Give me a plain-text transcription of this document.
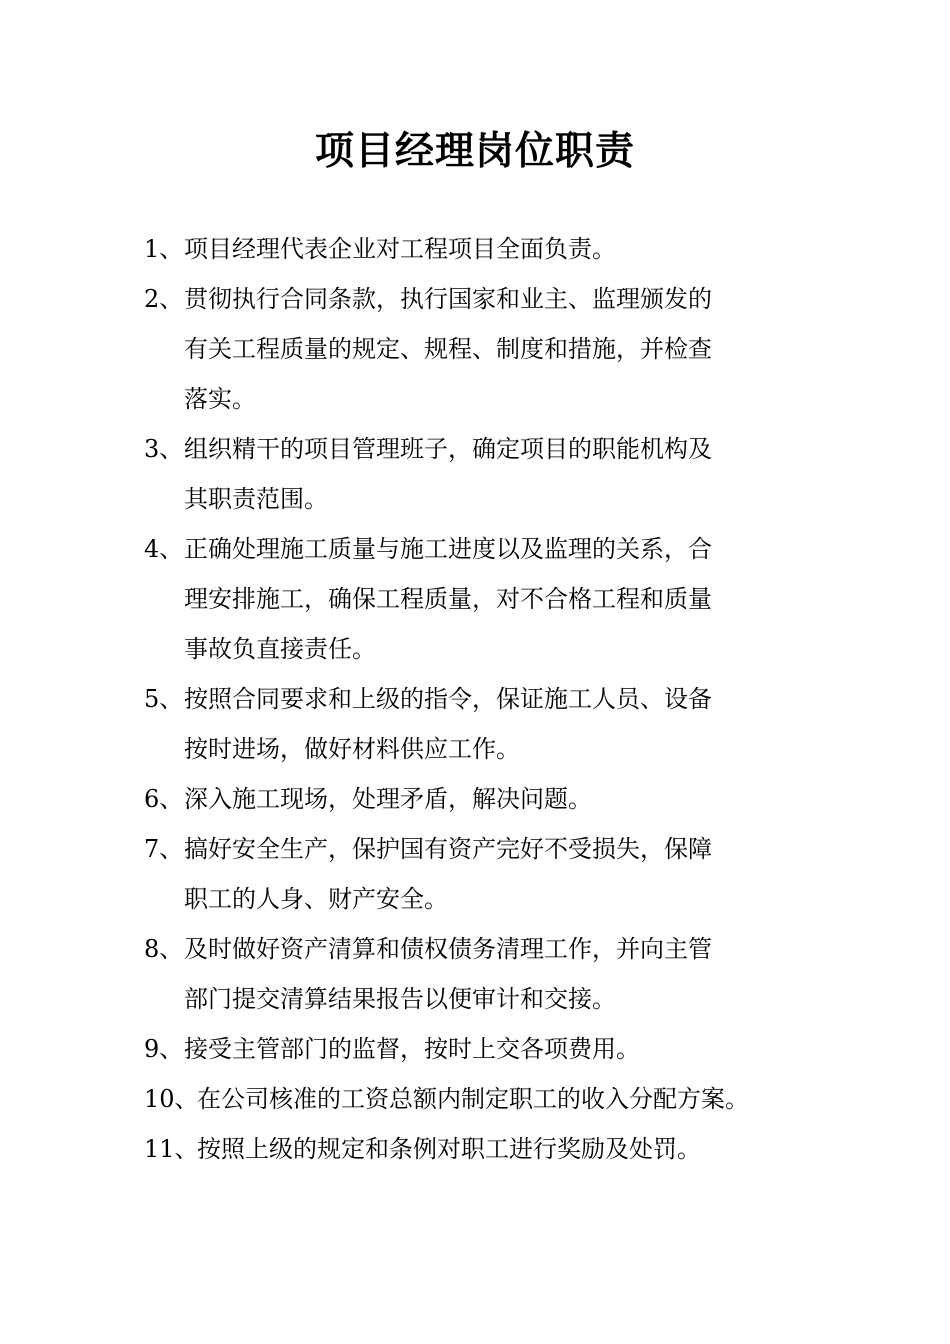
项目经理岗位职责
1、 项目经理代表企业对工程项目全面负责。
2、 贯彻执行合同条款，执行国家和业主、监理颁发的
有关工程质量的规定、规程、制度和措施，并检查
落实。
3、 组织精干的项目管理班子，确定项目的职能机构及
其职责范围。
4、 正确处理施工质量与施工进度以及监理的关系，合
理安排施工，确保工程质量，对不合格工程和质量
事故负直接责任。
5、 按照合同要求和上级的指令，保证施工人员、设备
按时进场，做好材料供应工作。
6、 深入施工现场，处理矛盾，解决问题。
7、 搞好安全生产，保护国有资产完好不受损失，保障
职工的人身、财产安全。
8、 及时做好资产清算和债权债务清理工作，并向主管
部门提交清算结果报告以便审计和交接。
9、 接受主管部门的监督，按时上交各项费用。
10、
在公司核准的工资总额内制定职工的收入分配方案。
11、
按照上级的规定和条例对职工进行奖励及处罚。
